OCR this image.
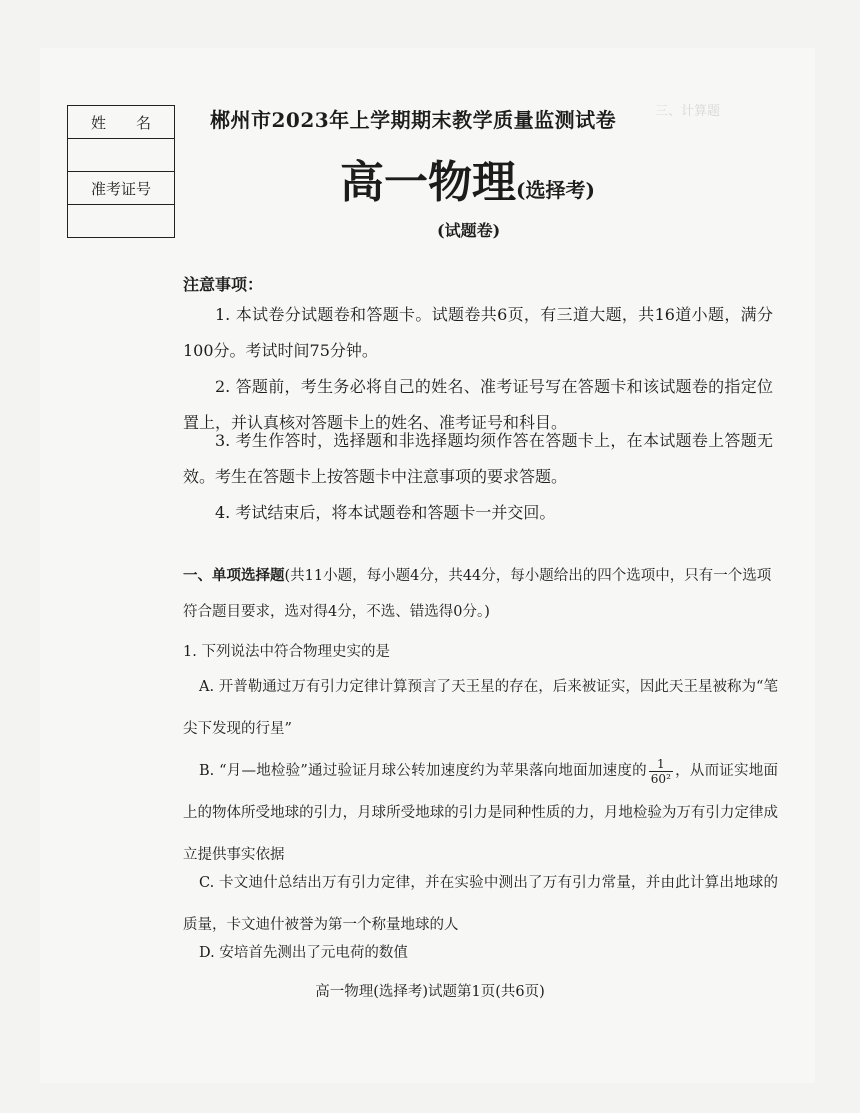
三、计算题
姓　　名

准考证号

郴州市2023年上学期期末教学质量监测试卷
高一物理(选择考)
(试题卷)
注意事项：
1. 本试卷分试题卷和答题卡。试题卷共6页，有三道大题，共16道小题，满分100分。考试时间75分钟。
2. 答题前，考生务必将自己的姓名、准考证号写在答题卡和该试题卷的指定位置上，并认真核对答题卡上的姓名、准考证号和科目。
3. 考生作答时，选择题和非选择题均须作答在答题卡上，在本试题卷上答题无效。考生在答题卡上按答题卡中注意事项的要求答题。
4. 考试结束后，将本试题卷和答题卡一并交回。
一、单项选择题(共11小题，每小题4分，共44分，每小题给出的四个选项中，只有一个选项符合题目要求，选对得4分，不选、错选得0分。)
1. 下列说法中符合物理史实的是
A. 开普勒通过万有引力定律计算预言了天王星的存在，后来被证实，因此天王星被称为“笔尖下发现的行星”
B. “月—地检验”通过验证月球公转加速度约为苹果落向地面加速度的 $\frac{1}{\text{60²}}$ ，从而证实地面上的物体所受地球的引力，月球所受地球的引力是同种性质的力，月地检验为万有引力定律成立提供事实依据
C. 卡文迪什总结出万有引力定律，并在实验中测出了万有引力常量，并由此计算出地球的质量，卡文迪什被誉为第一个称量地球的人
D. 安培首先测出了元电荷的数值
高一物理(选择考)试题第1页(共6页)
